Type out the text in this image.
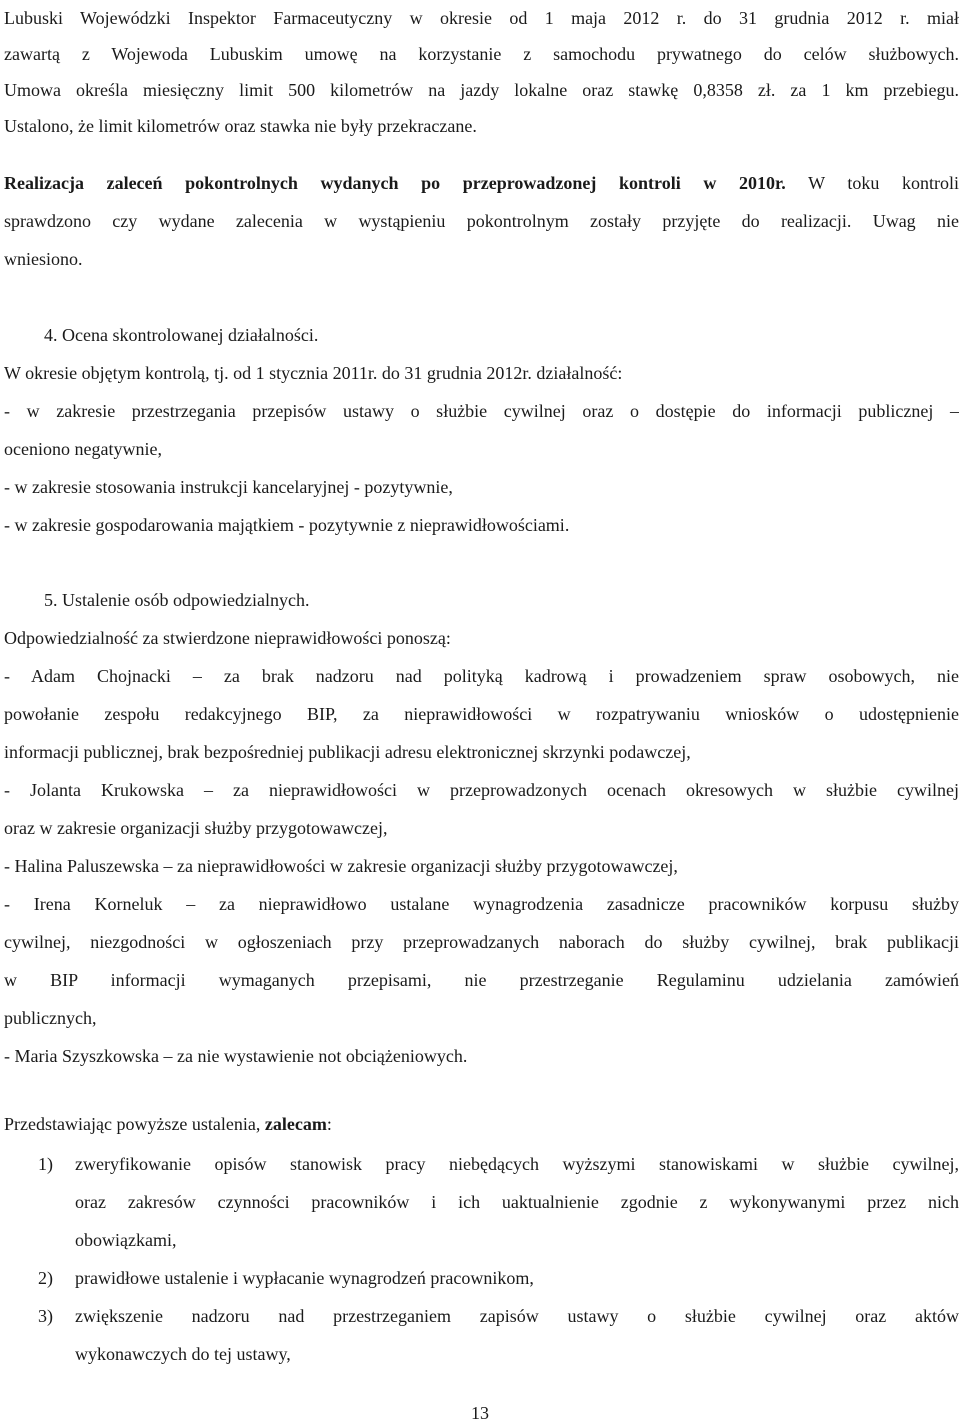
Lubuski Wojewódzki Inspektor Farmaceutyczny w okresie od 1 maja 2012 r. do 31 grudnia 2012 r. miał
zawartą z Wojewoda Lubuskim umowę na korzystanie z samochodu prywatnego do celów służbowych.
Umowa określa miesięczny limit 500 kilometrów na jazdy lokalne oraz stawkę 0,8358 zł. za 1 km przebiegu.
Ustalono, że limit kilometrów oraz stawka nie były przekraczane.
Realizacja zaleceń pokontrolnych wydanych po przeprowadzonej kontroli w 2010r. W toku kontroli
sprawdzono czy wydane zalecenia w wystąpieniu pokontrolnym zostały przyjęte do realizacji. Uwag nie
wniesiono.
4. Ocena skontrolowanej działalności.
W okresie objętym kontrolą, tj. od 1 stycznia 2011r. do 31 grudnia 2012r. działalność:
- w zakresie przestrzegania przepisów ustawy o służbie cywilnej oraz o dostępie do informacji publicznej –
oceniono negatywnie,
- w zakresie stosowania instrukcji kancelaryjnej - pozytywnie,
- w zakresie gospodarowania majątkiem - pozytywnie z nieprawidłowościami.
5. Ustalenie osób odpowiedzialnych.
Odpowiedzialność za stwierdzone nieprawidłowości ponoszą:
- Adam Chojnacki – za brak nadzoru nad polityką kadrową i prowadzeniem spraw osobowych, nie
powołanie zespołu redakcyjnego BIP, za nieprawidłowości w rozpatrywaniu wniosków o udostępnienie
informacji publicznej, brak bezpośredniej publikacji adresu elektronicznej skrzynki podawczej,
- Jolanta Krukowska – za nieprawidłowości w przeprowadzonych ocenach okresowych w służbie cywilnej
oraz w zakresie organizacji służby przygotowawczej,
- Halina Paluszewska – za nieprawidłowości w zakresie organizacji służby przygotowawczej,
- Irena Korneluk – za nieprawidłowo ustalane wynagrodzenia zasadnicze pracowników korpusu służby
cywilnej, niezgodności w ogłoszeniach przy przeprowadzanych naborach do służby cywilnej, brak publikacji
w BIP informacji wymaganych przepisami, nie przestrzeganie Regulaminu udzielania zamówień
publicznych,
- Maria Szyszkowska – za nie wystawienie not obciążeniowych.
Przedstawiając powyższe ustalenia, zalecam:
1) zweryfikowanie opisów stanowisk pracy niebędących wyższymi stanowiskami w służbie cywilnej,
oraz zakresów czynności pracowników i ich uaktualnienie zgodnie z wykonywanymi przez nich
obowiązkami,
2) prawidłowe ustalenie i wypłacanie wynagrodzeń pracownikom,
3) zwiększenie nadzoru nad przestrzeganiem zapisów ustawy o służbie cywilnej oraz aktów
wykonawczych do tej ustawy,
13
